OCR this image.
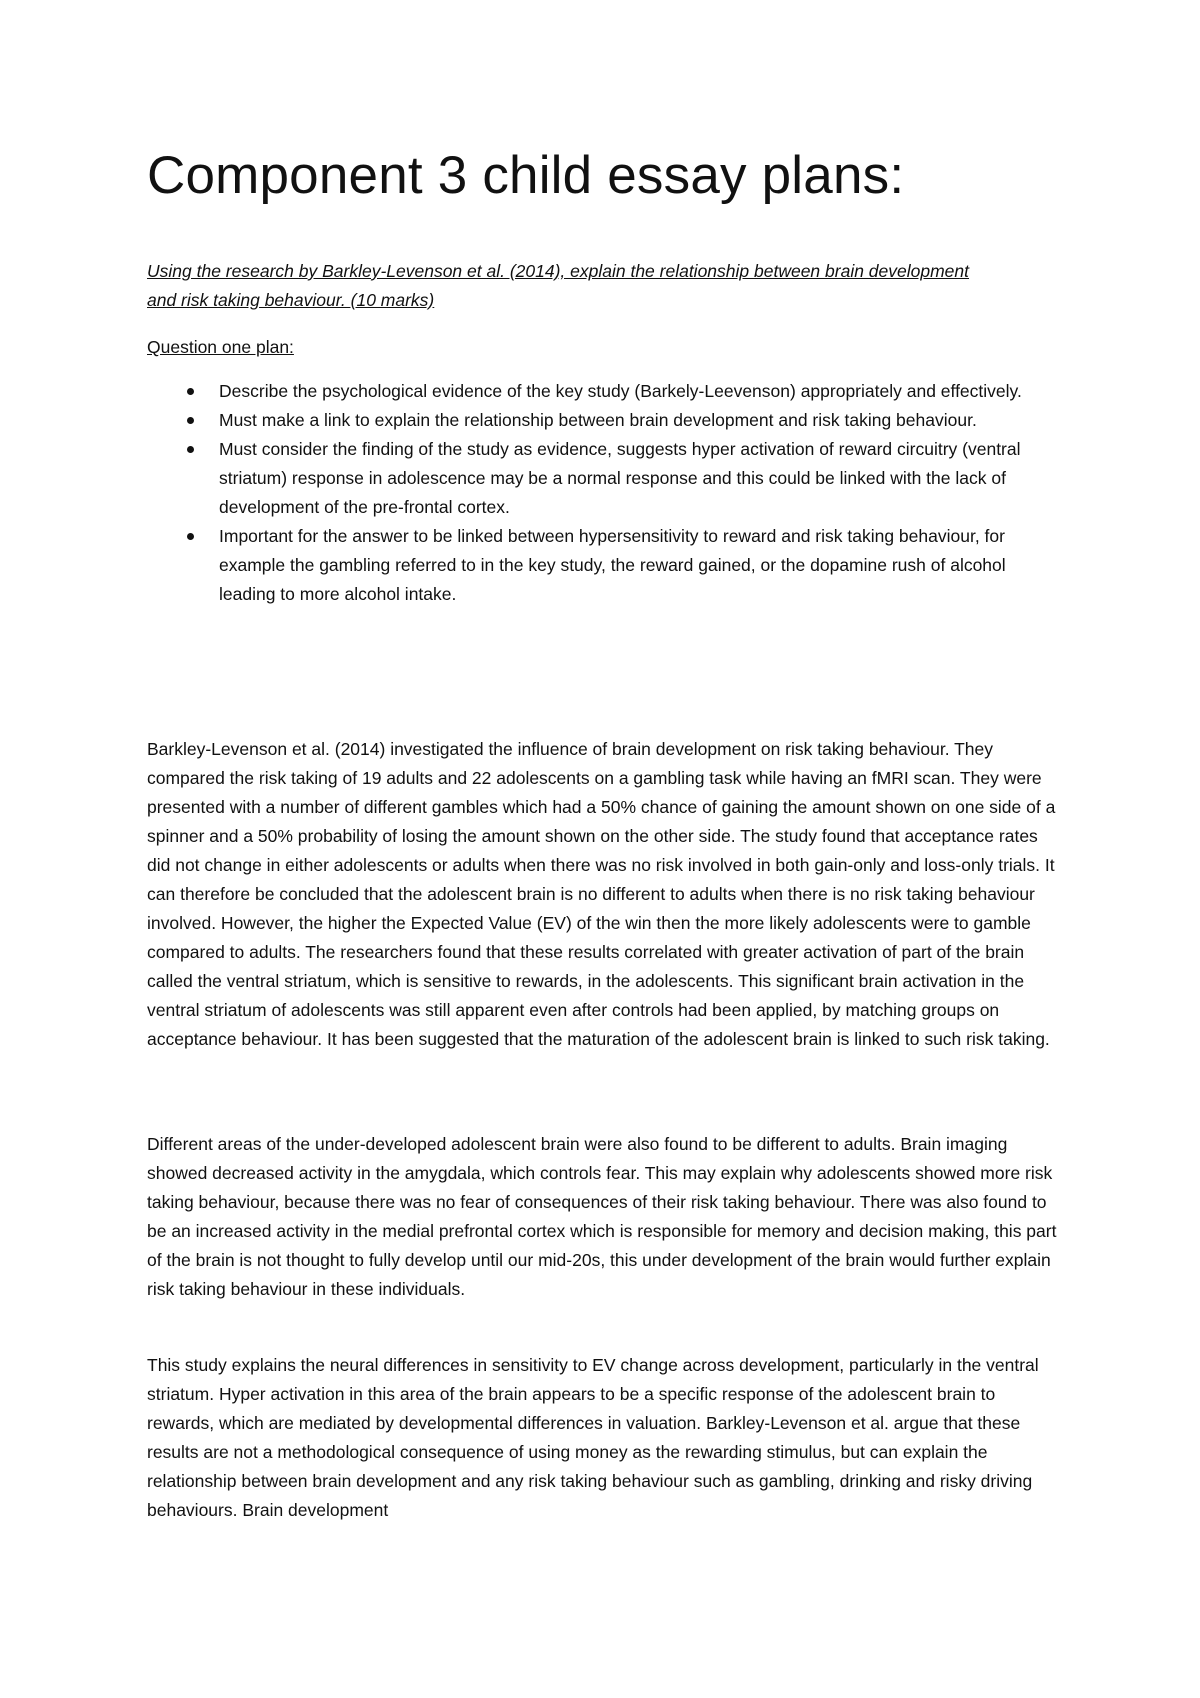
Component 3 child essay plans:

Using the research by Barkley-Levenson et al. (2014), explain the relationship between brain development and risk taking behaviour. (10 marks)

Question one plan:

Describe the psychological evidence of the key study (Barkely-Leevenson) appropriately and effectively.
Must make a link to explain the relationship between brain development and risk taking behaviour.
Must consider the finding of the study as evidence, suggests hyper activation of reward circuitry (ventral striatum) response in adolescence may be a normal response and this could be linked with the lack of development of the pre-frontal cortex.
Important for the answer to be linked between hypersensitivity to reward and risk taking behaviour, for example the gambling referred to in the key study, the reward gained, or the dopamine rush of alcohol leading to more alcohol intake.

Barkley-Levenson et al. (2014) investigated the influence of brain development on risk taking behaviour. They compared the risk taking of 19 adults and 22 adolescents on a gambling task while having an fMRI scan. They were presented with a number of different gambles which had a 50% chance of gaining the amount shown on one side of a spinner and a 50% probability of losing the amount shown on the other side. The study found that acceptance rates did not change in either adolescents or adults when there was no risk involved in both gain-only and loss-only trials. It can therefore be concluded that the adolescent brain is no different to adults when there is no risk taking behaviour involved. However, the higher the Expected Value (EV) of the win then the more likely adolescents were to gamble compared to adults. The researchers found that these results correlated with greater activation of part of the brain called the ventral striatum, which is sensitive to rewards, in the adolescents. This significant brain activation in the ventral striatum of adolescents was still apparent even after controls had been applied, by matching groups on acceptance behaviour. It has been suggested that the maturation of the adolescent brain is linked to such risk taking.

Different areas of the under-developed adolescent brain were also found to be different to adults. Brain imaging showed decreased activity in the amygdala, which controls fear. This may explain why adolescents showed more risk taking behaviour, because there was no fear of consequences of their risk taking behaviour. There was also found to be an increased activity in the medial prefrontal cortex which is responsible for memory and decision making, this part of the brain is not thought to fully develop until our mid-20s, this under development of the brain would further explain risk taking behaviour in these individuals.

This study explains the neural differences in sensitivity to EV change across development, particularly in the ventral striatum. Hyper activation in this area of the brain appears to be a specific response of the adolescent brain to rewards, which are mediated by developmental differences in valuation. Barkley-Levenson et al. argue that these results are not a methodological consequence of using money as the rewarding stimulus, but can explain the relationship between brain development and any risk taking behaviour such as gambling, drinking and risky driving behaviours. Brain development
